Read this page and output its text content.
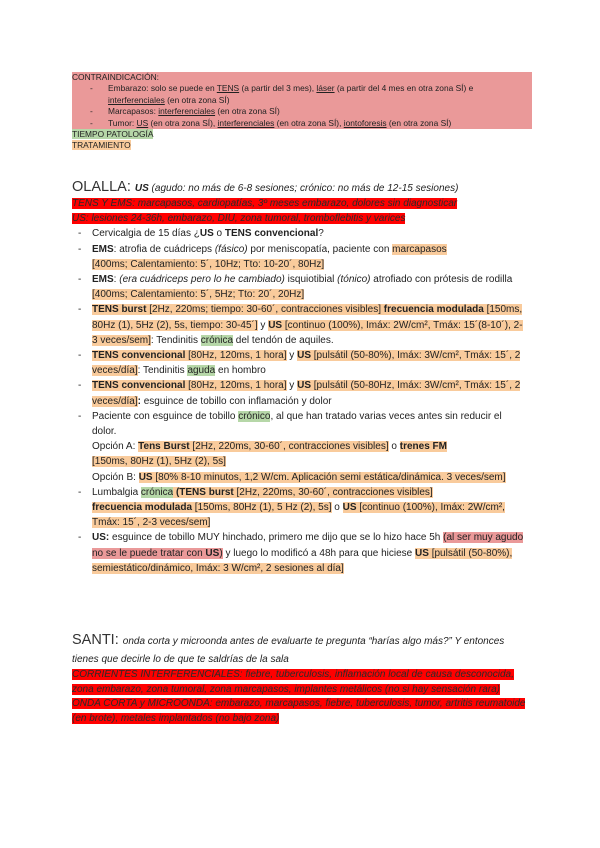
CONTRAINDICACIÓN:
- Embarazo: solo se puede en TENS (a partir del 3 mes), láser (a partir del 4 mes en otra zona SÍ) e interferenciales (en otra zona SÍ)
- Marcapasos: interferenciales (en otra zona SÍ)
- Tumor: US (en otra zona SÍ), interferenciales (en otra zona SÍ), iontoforesis (en otra zona SÍ)
TIEMPO PATOLOGÍA
TRATAMIENTO
OLALLA: US (agudo: no más de 6-8 sesiones; crónico: no más de 12-15 sesiones)
TENS Y EMS: marcapasos, cardiopatías, 3º meses embarazo, dolores sin diagnosticar
US: lesiones 24-36h, embarazo, DIU, zona tumoral, tromboflebitis y varices
- Cervicalgia de 15 días ¿US o TENS convencional?
- EMS: atrofia de cuádriceps (fásico) por meniscopatía, paciente con marcapasos
[400ms; Calentamiento: 5´, 10Hz; Tto: 10-20´, 80Hz]
- EMS: (era cuádriceps pero lo he cambiado) isquiotibial (tónico) atrofiado con prótesis de rodilla [400ms; Calentamiento: 5´, 5Hz; Tto: 20´, 20Hz]
- TENS burst [2Hz, 220ms; tiempo: 30-60´, contracciones visibles] frecuencia modulada [150ms, 80Hz (1), 5Hz (2), 5s, tiempo: 30-45´] y US [continuo (100%), Imáx: 2W/cm², Tmáx: 15´(8-10´), 2-3 veces/sem]: Tendinitis crónica del tendón de aquiles.
- TENS convencional [80Hz, 120ms, 1 hora] y US [pulsátil (50-80%), Imáx: 3W/cm², Tmáx: 15´, 2 veces/día]: Tendinitis aguda en hombro
- TENS convencional [80Hz, 120ms, 1 hora] y US [pulsátil (50-80Hz, Imáx: 3W/cm², Tmáx: 15´, 2 veces/día]: esguince de tobillo con inflamación y dolor
- Paciente con esguince de tobillo crónico, al que han tratado varias veces antes sin reducir el dolor.
Opción A: Tens Burst [2Hz, 220ms, 30-60´, contracciones visibles] o trenes FM
[150ms, 80Hz (1), 5Hz (2), 5s]
Opción B: US [80% 8-10 minutos, 1,2 W/cm. Aplicación semi estática/dinámica. 3 veces/sem]
- Lumbalgia crónica (TENS burst [2Hz, 220ms, 30-60´, contracciones visibles]
frecuencia modulada [150ms, 80Hz (1), 5 Hz (2), 5s] o US [continuo (100%), Imáx: 2W/cm², Tmáx: 15´, 2-3 veces/sem]
- US: esguince de tobillo MUY hinchado, primero me dijo que se lo hizo hace 5h (al ser muy agudo no se le puede tratar con US) y luego lo modificó a 48h para que hiciese US [pulsátil (50-80%), semiestático/dinámico, Imáx: 3 W/cm², 2 sesiones al día]
SANTI: onda corta y microonda antes de evaluarte te pregunta “harías algo más?” Y entonces tienes que decirle lo de que te saldrías de la sala
CORRIENTES INTERFERENCIALES: fiebre, tuberculosis, inflamación local de causa desconocida, zona embarazo, zona tumoral, zona marcapasos, implantes metálicos (no si hay sensación rara)
ONDA CORTA y MICROONDA: embarazo, marcapasos, fiebre, tuberculosis, tumor, artritis reumatoide (en brote), metales implantados (no bajo zona)
